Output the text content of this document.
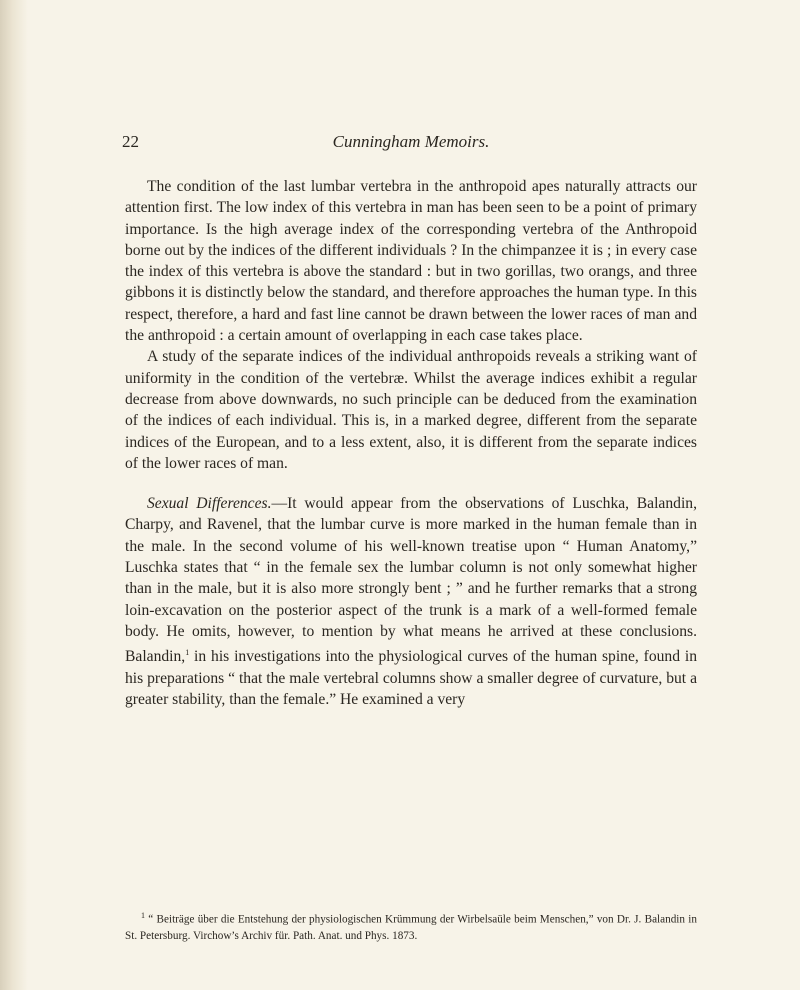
22	Cunningham Memoirs.

The condition of the last lumbar vertebra in the anthropoid apes naturally attracts our attention first. The low index of this vertebra in man has been seen to be a point of primary importance. Is the high average index of the corresponding vertebra of the Anthropoid borne out by the indices of the different individuals ? In the chimpanzee it is ; in every case the index of this vertebra is above the standard : but in two gorillas, two orangs, and three gibbons it is distinctly below the standard, and therefore approaches the human type. In this respect, therefore, a hard and fast line cannot be drawn between the lower races of man and the anthropoid : a certain amount of overlapping in each case takes place.

A study of the separate indices of the individual anthropoids reveals a striking want of uniformity in the condition of the vertebræ. Whilst the average indices exhibit a regular decrease from above downwards, no such principle can be deduced from the examination of the indices of each individual. This is, in a marked degree, different from the separate indices of the European, and to a less extent, also, it is different from the separate indices of the lower races of man.

Sexual Differences.—It would appear from the observations of Luschka, Balandin, Charpy, and Ravenel, that the lumbar curve is more marked in the human female than in the male. In the second volume of his well-known treatise upon “ Human Anatomy,” Luschka states that “ in the female sex the lumbar column is not only somewhat higher than in the male, but it is also more strongly bent ; ” and he further remarks that a strong loin-excavation on the posterior aspect of the trunk is a mark of a well-formed female body. He omits, however, to mention by what means he arrived at these conclusions. Balandin,$^1$ in his investigations into the physiological curves of the human spine, found in his preparations “ that the male vertebral columns show a smaller degree of curvature, but a greater stability, than the female.” He examined a very

$^1$ “ Beiträge über die Entstehung der physiologischen Krümmung der Wirbelsaüle beim Menschen,” von Dr. J. Balandin in St. Petersburg. Virchow’s Archiv für. Path. Anat. und Phys. 1873.
